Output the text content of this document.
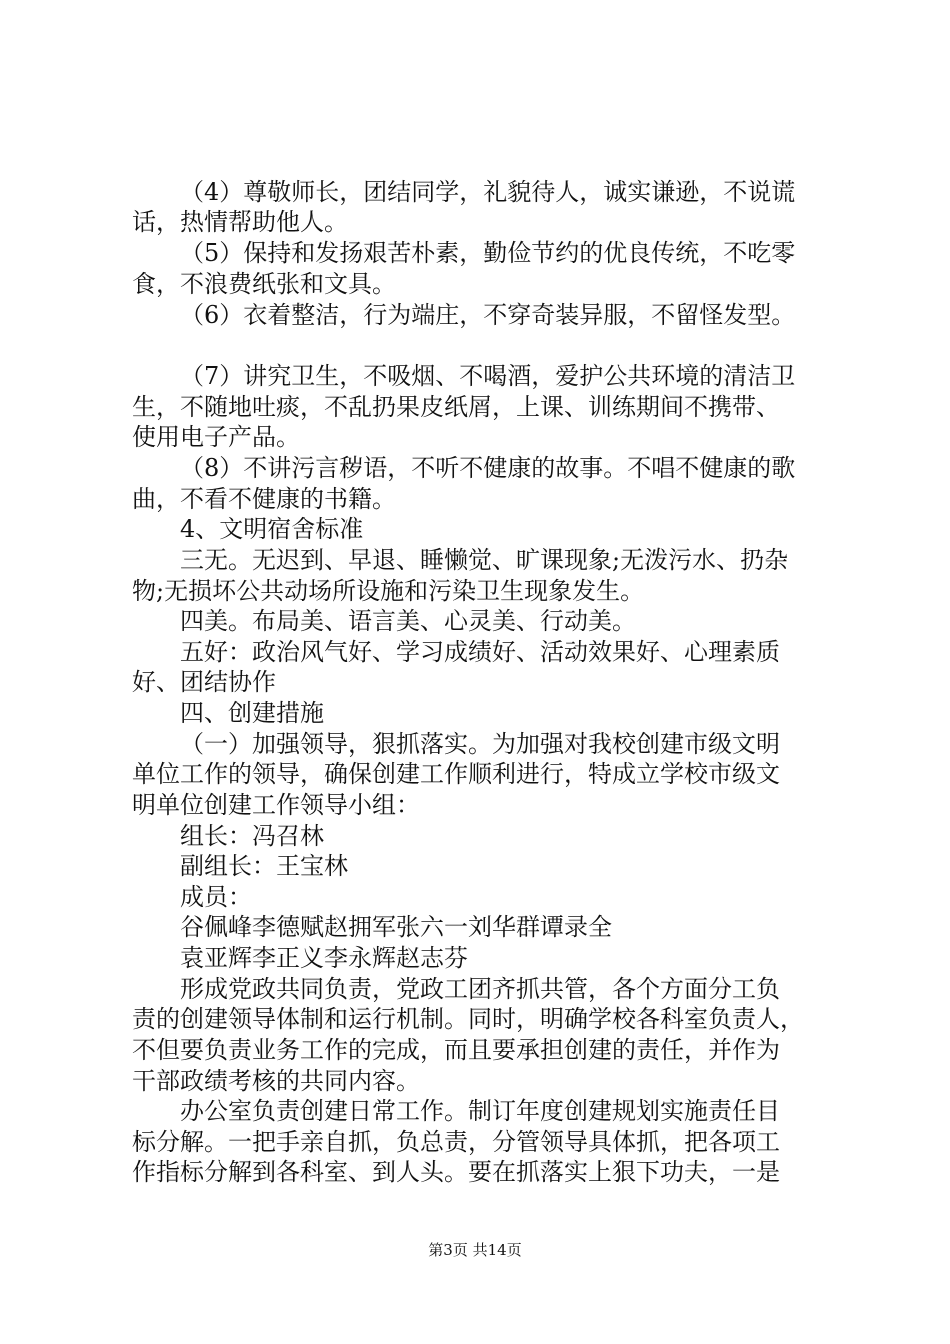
（4）尊敬师长，团结同学，礼貌待人，诚实谦逊，不说谎
话，热情帮助他人。
（5）保持和发扬艰苦朴素，勤俭节约的优良传统，不吃零
食，不浪费纸张和文具。
（6）衣着整洁，行为端庄，不穿奇装异服，不留怪发型。
（7）讲究卫生，不吸烟、不喝酒，爱护公共环境的清洁卫
生，不随地吐痰，不乱扔果皮纸屑，上课、训练期间不携带、
使用电子产品。
（8）不讲污言秽语，不听不健康的故事。不唱不健康的歌
曲，不看不健康的书籍。
4、文明宿舍标准
三无。无迟到、早退、睡懒觉、旷课现象;无泼污水、扔杂
物;无损坏公共动场所设施和污染卫生现象发生。
四美。布局美、语言美、心灵美、行动美。
五好：政治风气好、学习成绩好、活动效果好、心理素质
好、团结协作
四、创建措施
（一）加强领导，狠抓落实。为加强对我校创建市级文明
单位工作的领导，确保创建工作顺利进行，特成立学校市级文
明单位创建工作领导小组：
组长：冯召林
副组长：王宝林
成员：
谷佩峰李德赋赵拥军张六一刘华群谭录全
袁亚辉李正义李永辉赵志芬
形成党政共同负责，党政工团齐抓共管，各个方面分工负
责的创建领导体制和运行机制。同时，明确学校各科室负责人，
不但要负责业务工作的完成，而且要承担创建的责任，并作为
干部政绩考核的共同内容。
办公室负责创建日常工作。制订年度创建规划实施责任目
标分解。一把手亲自抓，负总责，分管领导具体抓，把各项工
作指标分解到各科室、到人头。要在抓落实上狠下功夫，一是
第3页 共14页
